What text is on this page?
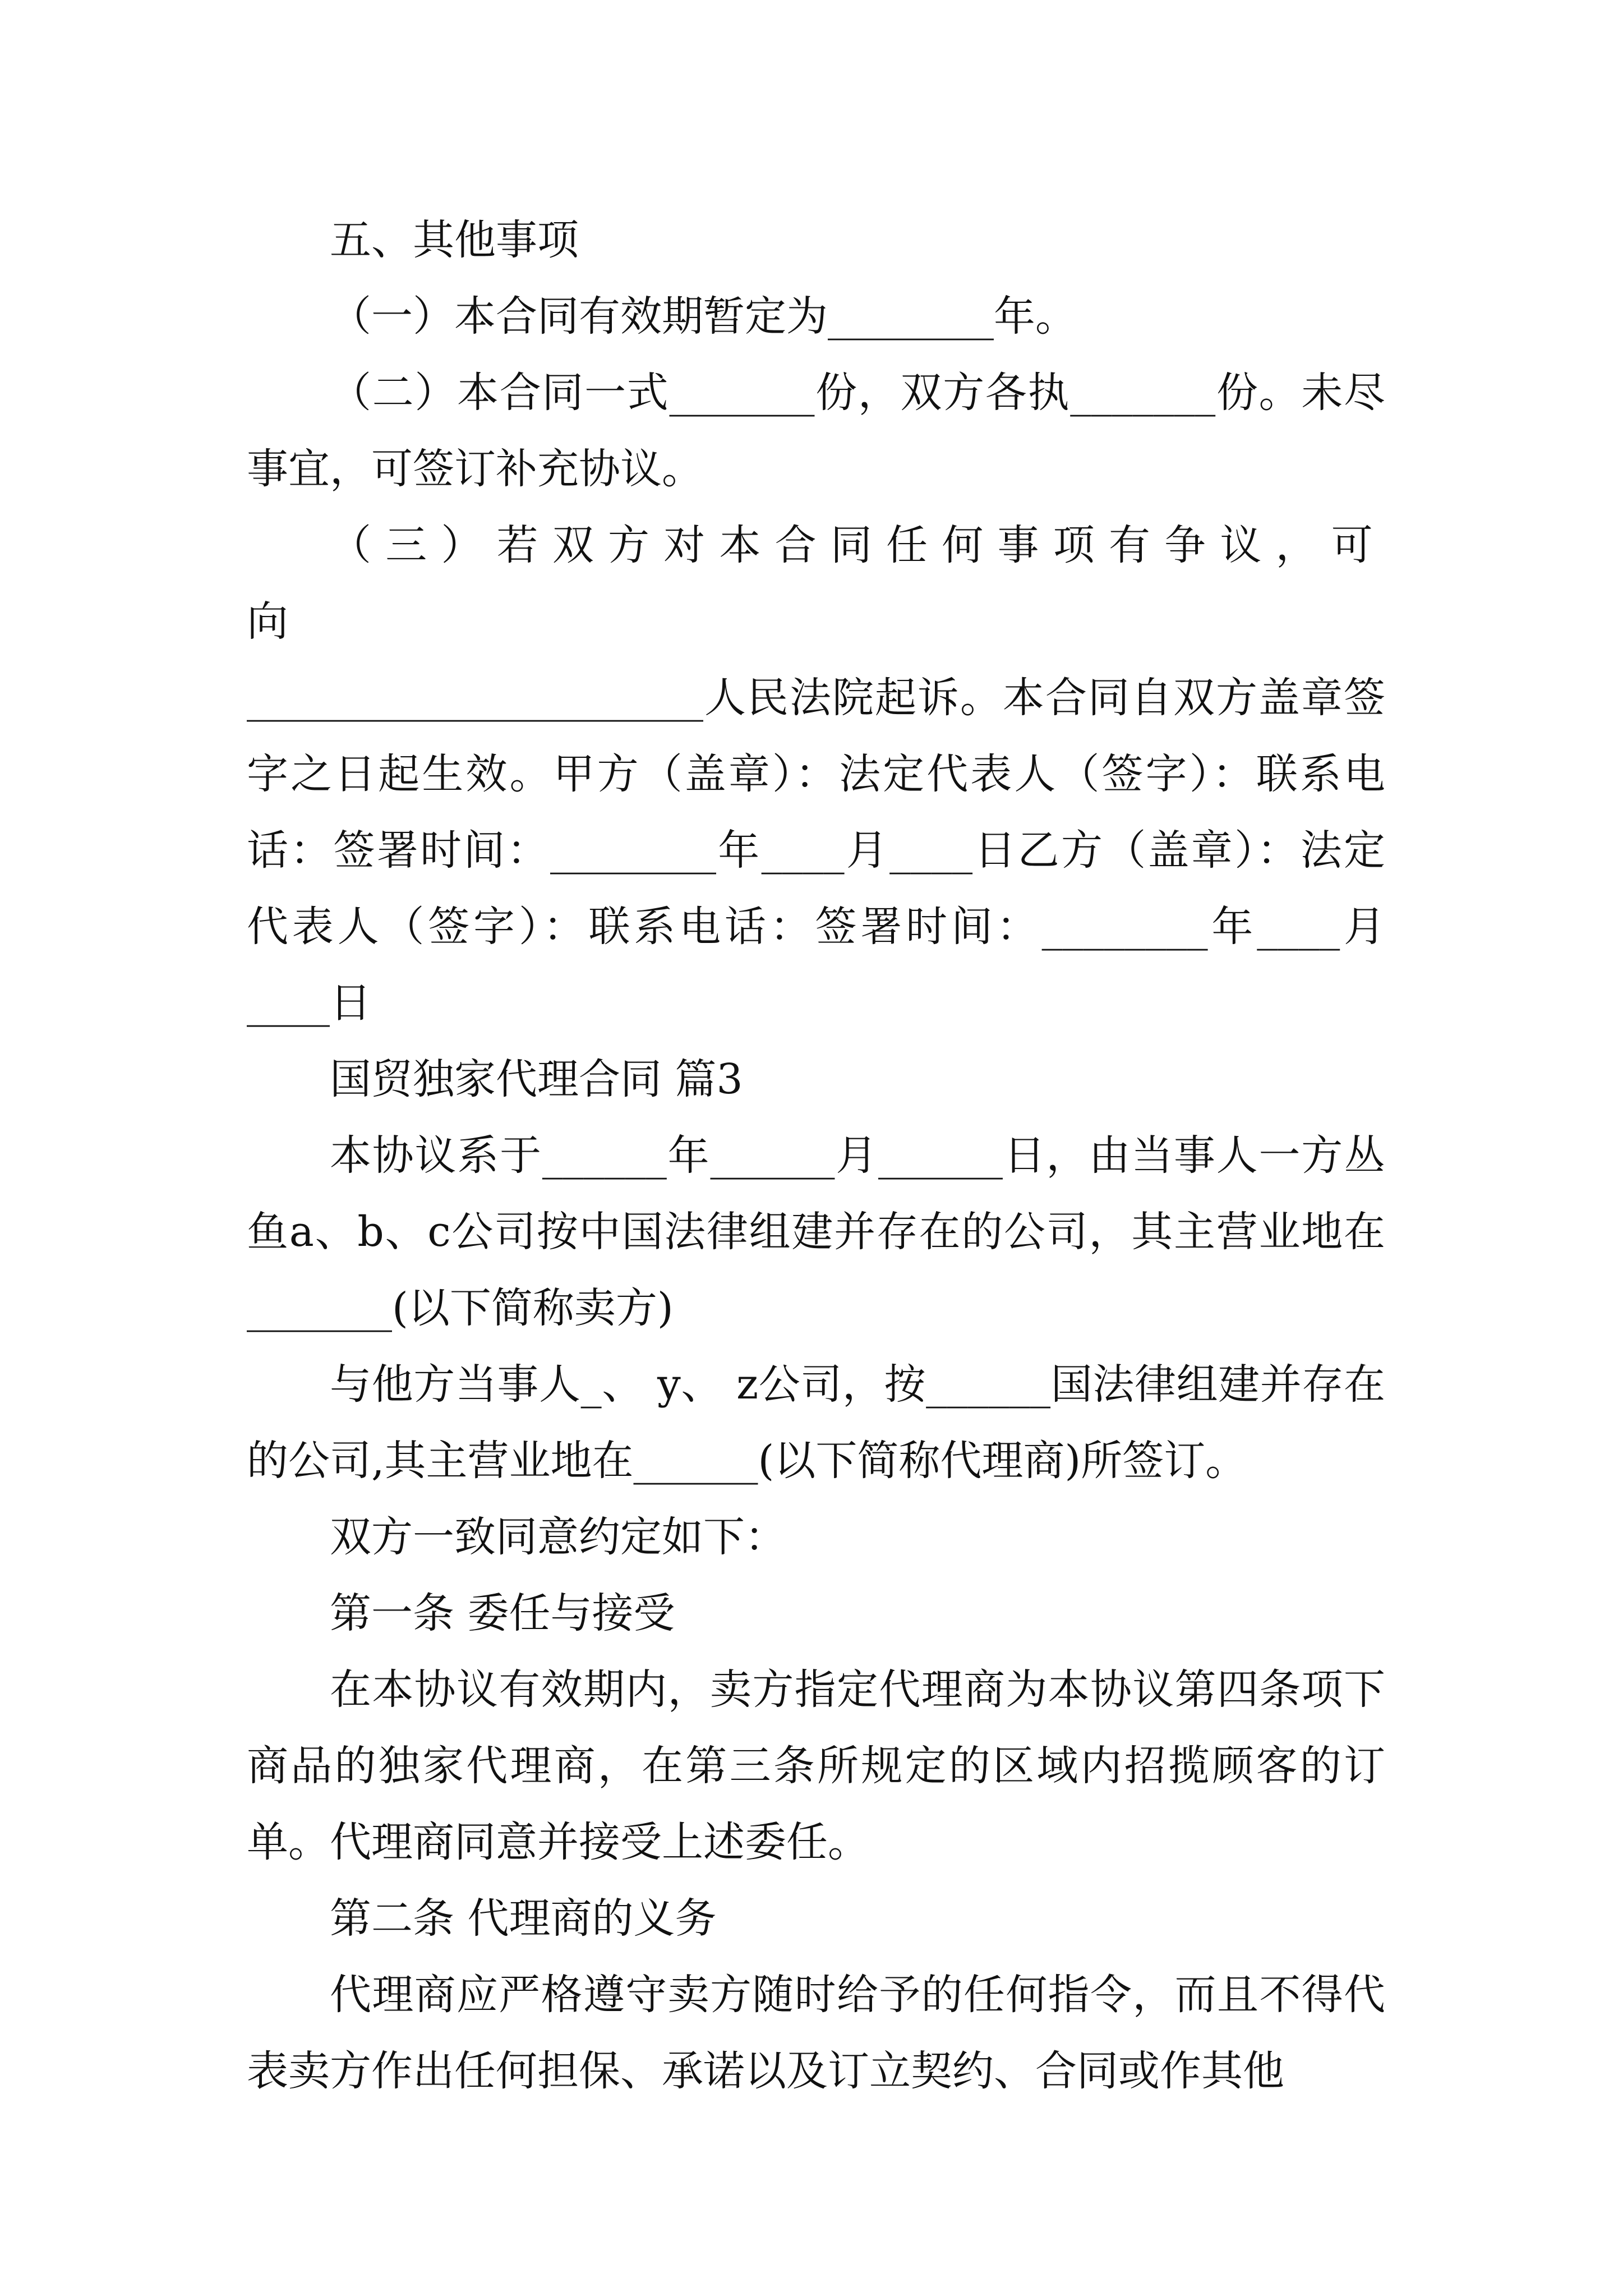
五、其他事项

（一）本合同有效期暂定为________年。

（二）本合同一式_______份，双方各执_______份。未尽事宜，可签订补充协议。

（三）若双方对本合同任何事项有争议，可向

______________________人民法院起诉。本合同自双方盖章签字之日起生效。甲方（盖章）：法定代表人（签字）：联系电话：签署时间：________年____月____日乙方（盖章）：法定代表人（签字）：联系电话：签署时间：________年____月____日

国贸独家代理合同 篇3

本协议系于______年______月______日，由当事人一方丛鱼a、b、c公司按中国法律组建并存在的公司，其主营业地在_______(以下简称卖方)

与他方当事人_、 y、 z公司，按______国法律组建并存在的公司,其主营业地在______(以下简称代理商)所签订。

双方一致同意约定如下：

第一条 委任与接受

在本协议有效期内，卖方指定代理商为本协议第四条项下商品的独家代理商，在第三条所规定的区域内招揽顾客的订单。代理商同意并接受上述委任。

第二条 代理商的义务

代理商应严格遵守卖方随时给予的任何指令，而且不得代表卖方作出任何担保、承诺以及订立契约、合同或作其他
